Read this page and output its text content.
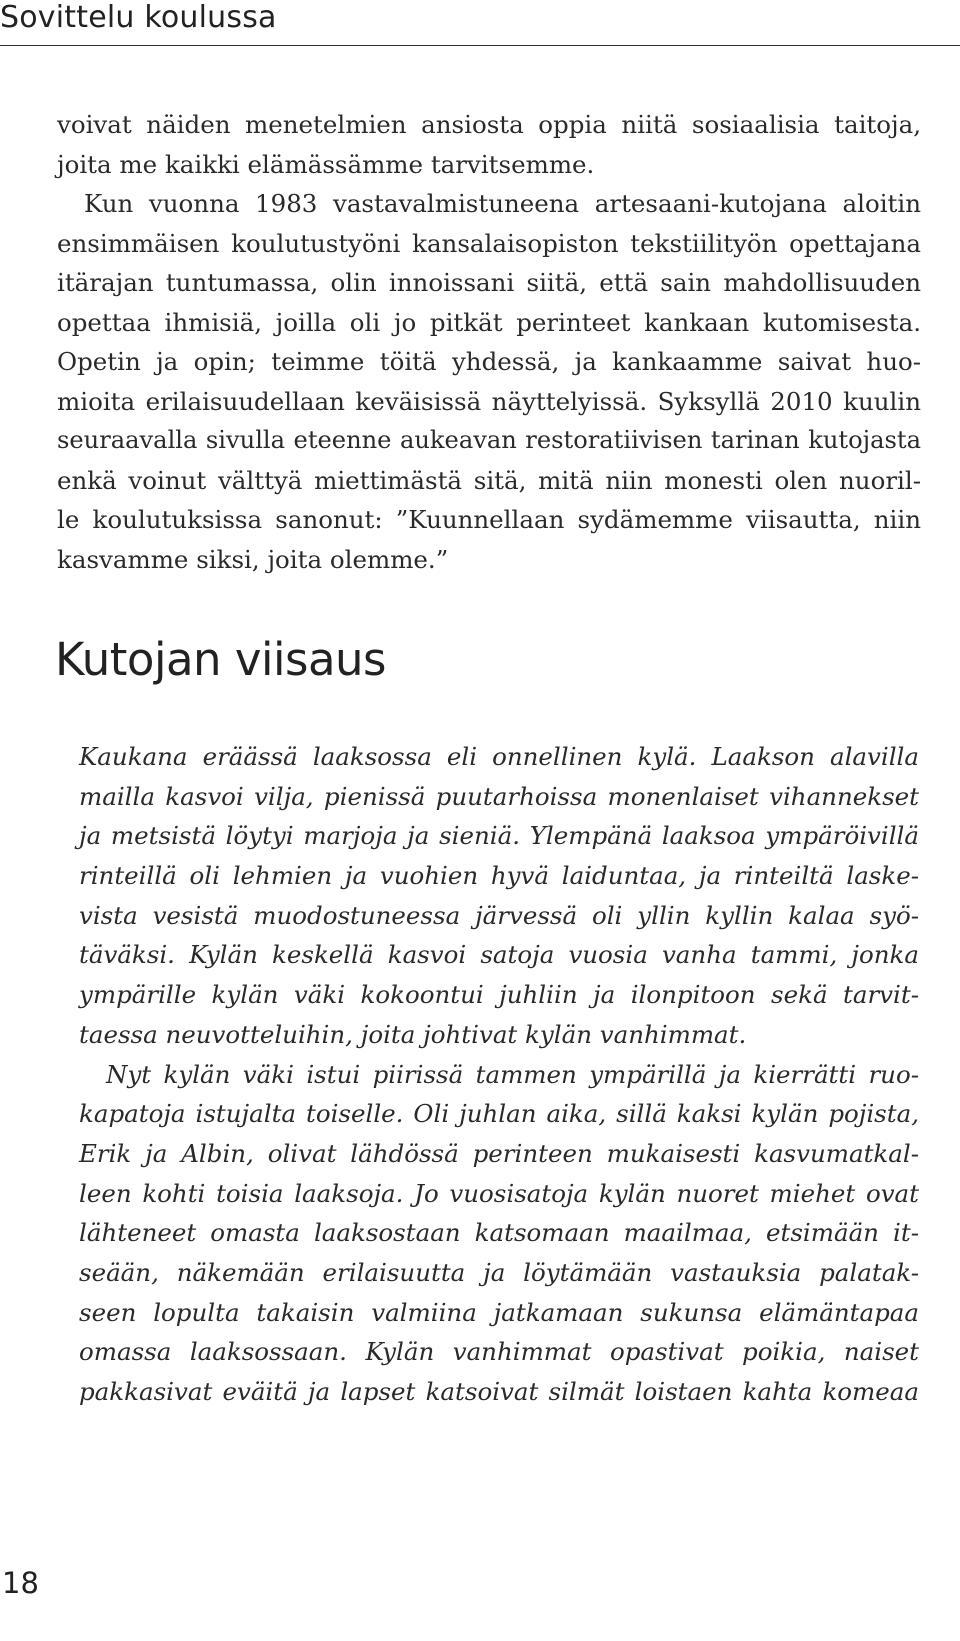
Sovittelu koulussa
voivat näiden menetelmien ansiosta oppia niitä sosiaalisia taitoja,
joita me kaikki elämässämme tarvitsemme.
Kun vuonna 1983 vastavalmistuneena artesaani-kutojana aloitin
ensimmäisen koulutustyöni kansalaisopiston tekstiilityön opettajana
itärajan tuntumassa, olin innoissani siitä, että sain mahdollisuuden
opettaa ihmisiä, joilla oli jo pitkät perinteet kankaan kutomisesta.
Opetin ja opin; teimme töitä yhdessä, ja kankaamme saivat huo-
mioita erilaisuudellaan keväisissä näyttelyissä. Syksyllä 2010 kuulin
seuraavalla sivulla eteenne aukeavan restoratiivisen tarinan kutojasta
enkä voinut välttyä miettimästä sitä, mitä niin monesti olen nuoril-
le koulutuksissa sanonut: ”Kuunnellaan sydämemme viisautta, niin
kasvamme siksi, joita olemme.”
Kutojan viisaus
Kaukana eräässä laaksossa eli onnellinen kylä. Laakson alavilla
mailla kasvoi vilja, pienissä puutarhoissa monenlaiset vihannekset
ja metsistä löytyi marjoja ja sieniä. Ylempänä laaksoa ympäröivillä
rinteillä oli lehmien ja vuohien hyvä laiduntaa, ja rinteiltä laske-
vista vesistä muodostuneessa järvessä oli yllin kyllin kalaa syö-
täväksi. Kylän keskellä kasvoi satoja vuosia vanha tammi, jonka
ympärille kylän väki kokoontui juhliin ja ilonpitoon sekä tarvit-
taessa neuvotteluihin, joita johtivat kylän vanhimmat.
Nyt kylän väki istui piirissä tammen ympärillä ja kierrätti ruo-
kapatoja istujalta toiselle. Oli juhlan aika, sillä kaksi kylän pojista,
Erik ja Albin, olivat lähdössä perinteen mukaisesti kasvumatkal-
leen kohti toisia laaksoja. Jo vuosisatoja kylän nuoret miehet ovat
lähteneet omasta laaksostaan katsomaan maailmaa, etsimään it-
seään, näkemään erilaisuutta ja löytämään vastauksia palatak-
seen lopulta takaisin valmiina jatkamaan sukunsa elämäntapaa
omassa laaksossaan. Kylän vanhimmat opastivat poikia, naiset
pakkasivat eväitä ja lapset katsoivat silmät loistaen kahta komeaa
18
